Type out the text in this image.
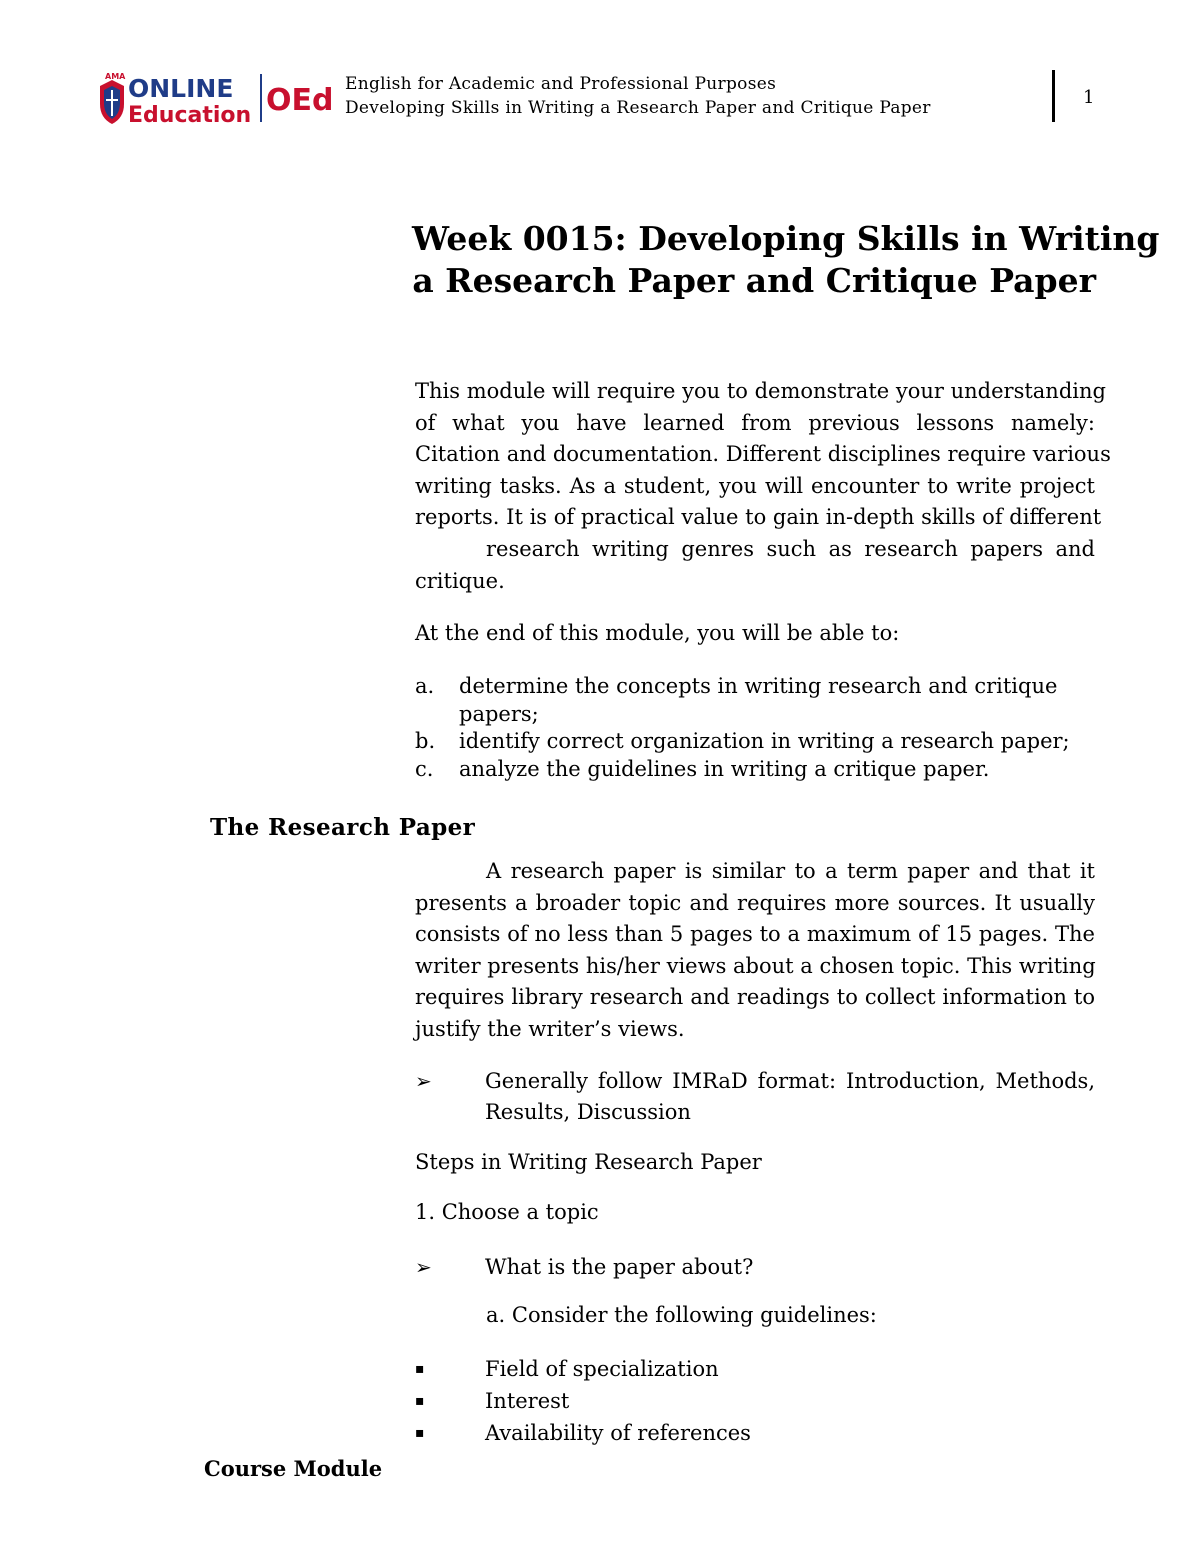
AMA ONLINE
Education OEd English for Academic and Professional Purposes
Developing Skills in Writing a Research Paper and Critique Paper	1
Week 0015: Developing Skills in Writing
a Research Paper and Critique Paper
This module will require you to demonstrate your understanding
of what you have learned from previous lessons namely:
Citation and documentation. Different disciplines require various
writing tasks. As a student, you will encounter to write project
reports. It is of practical value to gain in-depth skills of different
research writing genres such as research papers and
critique.
At the end of this module, you will be able to:
a.	determine the concepts in writing research and critique papers;
b. identify correct organization in writing a research paper;
c. analyze the guidelines in writing a critique paper.
The Research Paper
A research paper is similar to a term paper and that it
presents a broader topic and requires more sources. It usually
consists of no less than 5 pages to a maximum of 15 pages. The
writer presents his/her views about a chosen topic. This writing
requires library research and readings to collect information to
justify the writer’s views.
➢	Generally follow IMRaD format: Introduction, Methods, Results, Discussion
Steps in Writing Research Paper
1. Choose a topic
➢	What is the paper about?
a. Consider the following guidelines:
▪	Field of specialization
▪	Interest
▪	Availability of references
Course Module
